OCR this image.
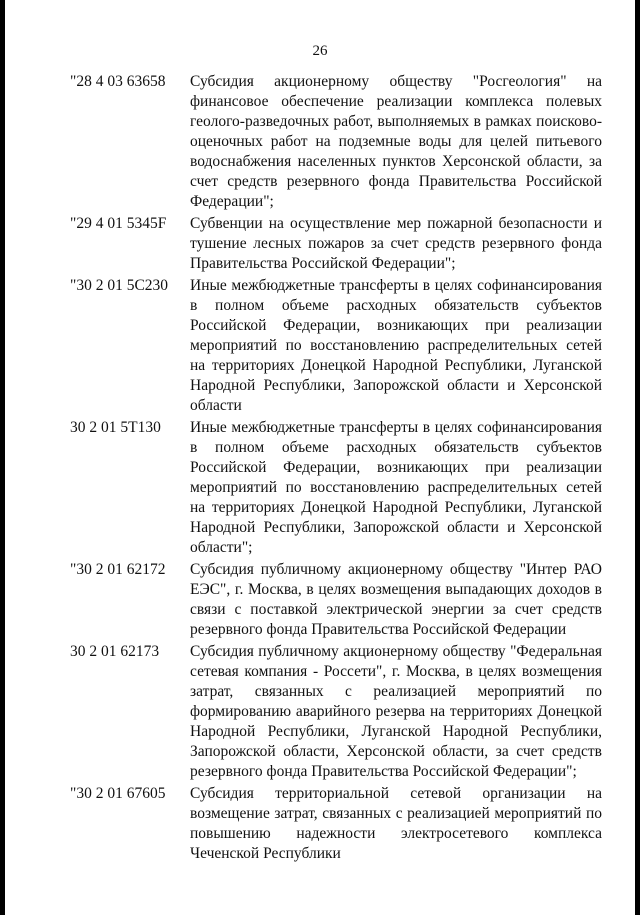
26
"28 4 03 63658	Субсидия акционерному обществу "Росгеология" на финансовое обеспечение реализации комплекса полевых геолого-разведочных работ, выполняемых в рамках поисково-оценочных работ на подземные воды для целей питьевого водоснабжения населенных пунктов Херсонской области, за счет средств резервного фонда Правительства Российской Федерации";
"29 4 01 5345F	Субвенции на осуществление мер пожарной безопасности и тушение лесных пожаров за счет средств резервного фонда Правительства Российской Федерации";
"30 2 01 5С230	Иные межбюджетные трансферты в целях софинансирования в полном объеме расходных обязательств субъектов Российской Федерации, возникающих при реализации мероприятий по восстановлению распределительных сетей на территориях Донецкой Народной Республики, Луганской Народной Республики, Запорожской области и Херсонской области
30 2 01 5Т130	Иные межбюджетные трансферты в целях софинансирования в полном объеме расходных обязательств субъектов Российской Федерации, возникающих при реализации мероприятий по восстановлению распределительных сетей на территориях Донецкой Народной Республики, Луганской Народной Республики, Запорожской области и Херсонской области";
"30 2 01 62172	Субсидия публичному акционерному обществу "Интер РАО ЕЭС", г. Москва, в целях возмещения выпадающих доходов в связи с поставкой электрической энергии за счет средств резервного фонда Правительства Российской Федерации
30 2 01 62173	Субсидия публичному акционерному обществу "Федеральная сетевая компания - Россети", г. Москва, в целях возмещения затрат, связанных с реализацией мероприятий по формированию аварийного резерва на территориях Донецкой Народной Республики, Луганской Народной Республики, Запорожской области, Херсонской области, за счет средств резервного фонда Правительства Российской Федерации";
"30 2 01 67605	Субсидия территориальной сетевой организации на возмещение затрат, связанных с реализацией мероприятий по повышению надежности электросетевого комплекса Чеченской Республики
